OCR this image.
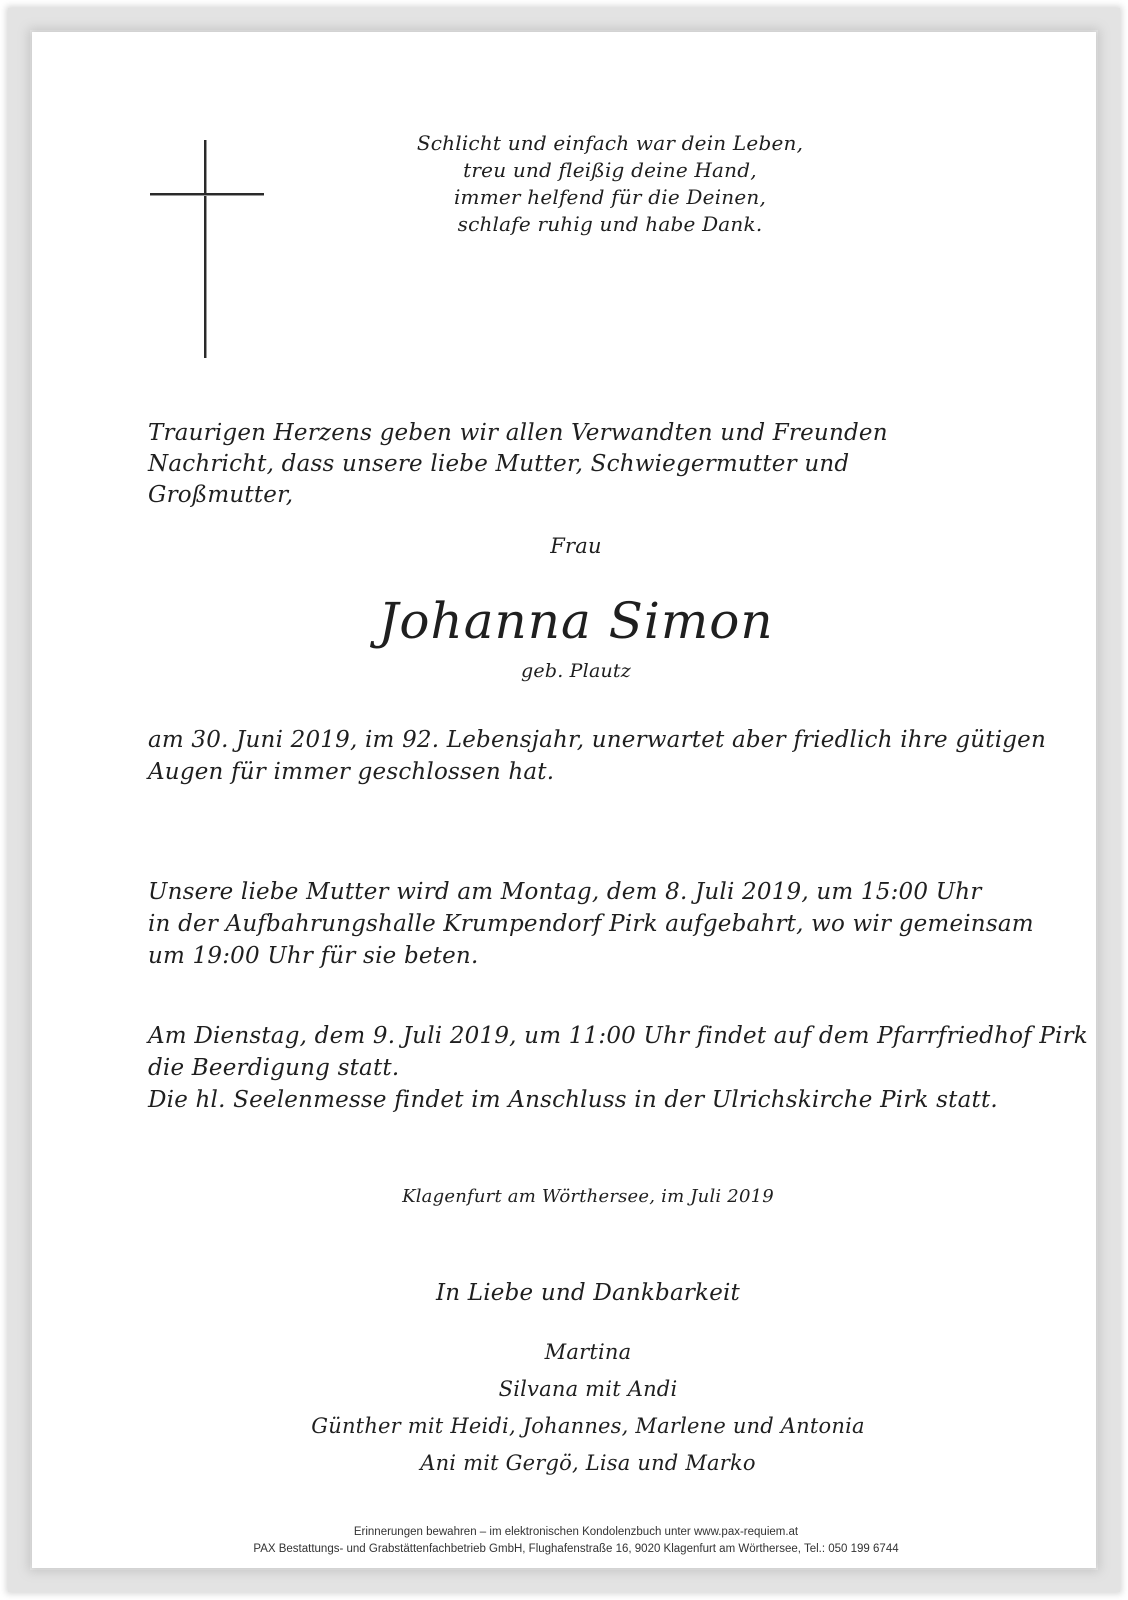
Schlicht und einfach war dein Leben,
treu und fleißig deine Hand,
immer helfend für die Deinen,
schlafe ruhig und habe Dank.
Traurigen Herzens geben wir allen Verwandten und Freunden
Nachricht, dass unsere liebe Mutter, Schwiegermutter und Großmutter,
Frau
Johanna Simon
geb. Plautz
am 30. Juni 2019, im 92. Lebensjahr, unerwartet aber friedlich ihre gütigen
Augen für immer geschlossen hat.
Unsere liebe Mutter wird am Montag, dem 8. Juli 2019, um 15:00 Uhr
in der Aufbahrungshalle Krumpendorf Pirk aufgebahrt, wo wir gemeinsam
um 19:00 Uhr für sie beten.
Am Dienstag, dem 9. Juli 2019, um 11:00 Uhr findet auf dem Pfarrfriedhof Pirk
die Beerdigung statt.
Die hl. Seelenmesse findet im Anschluss in der Ulrichskirche Pirk statt.
Klagenfurt am Wörthersee, im Juli 2019
In Liebe und Dankbarkeit
Martina
Silvana mit Andi
Günther mit Heidi, Johannes, Marlene und Antonia
Ani mit Gergö, Lisa und Marko
Erinnerungen bewahren – im elektronischen Kondolenzbuch unter www.pax-requiem.at
PAX Bestattungs- und Grabstättenfachbetrieb GmbH, Flughafenstraße 16, 9020 Klagenfurt am Wörthersee, Tel.: 050 199 6744
